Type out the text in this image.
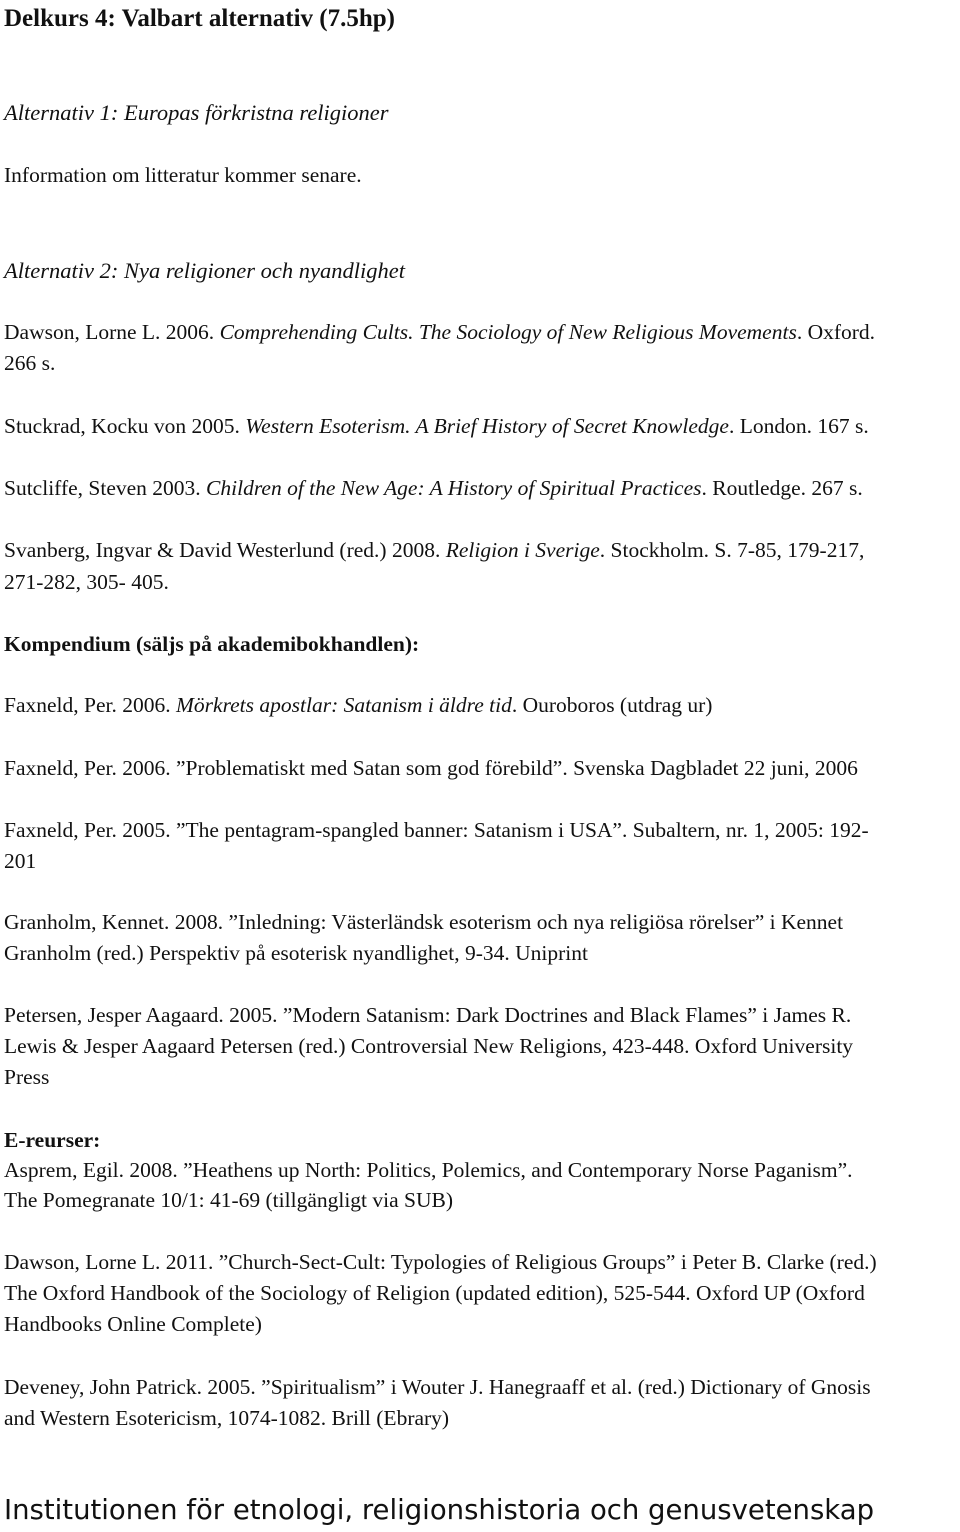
Delkurs 4: Valbart alternativ (7.5hp)
Alternativ 1: Europas förkristna religioner
Information om litteratur kommer senare.
Alternativ 2: Nya religioner och nyandlighet
Dawson, Lorne L. 2006. Comprehending Cults. The Sociology of New Religious Movements. Oxford.
266 s.
Stuckrad, Kocku von 2005. Western Esoterism. A Brief History of Secret Knowledge. London. 167 s.
Sutcliffe, Steven 2003. Children of the New Age: A History of Spiritual Practices. Routledge. 267 s.
Svanberg, Ingvar & David Westerlund (red.) 2008. Religion i Sverige. Stockholm. S. 7-85, 179-217,
271-282, 305- 405.
Kompendium (säljs på akademibokhandlen):
Faxneld, Per. 2006. Mörkrets apostlar: Satanism i äldre tid. Ouroboros (utdrag ur)
Faxneld, Per. 2006. ”Problematiskt med Satan som god förebild”. Svenska Dagbladet 22 juni, 2006
Faxneld, Per. 2005. ”The pentagram-spangled banner: Satanism i USA”. Subaltern, nr. 1, 2005: 192-
201
Granholm, Kennet. 2008. ”Inledning: Västerländsk esoterism och nya religiösa rörelser” i Kennet
Granholm (red.) Perspektiv på esoterisk nyandlighet, 9-34. Uniprint
Petersen, Jesper Aagaard. 2005. ”Modern Satanism: Dark Doctrines and Black Flames” i James R.
Lewis & Jesper Aagaard Petersen (red.) Controversial New Religions, 423-448. Oxford University
Press
E-reurser:
Asprem, Egil. 2008. ”Heathens up North: Politics, Polemics, and Contemporary Norse Paganism”.
The Pomegranate 10/1: 41-69 (tillgängligt via SUB)
Dawson, Lorne L. 2011. ”Church-Sect-Cult: Typologies of Religious Groups” i Peter B. Clarke (red.)
The Oxford Handbook of the Sociology of Religion (updated edition), 525-544. Oxford UP (Oxford
Handbooks Online Complete)
Deveney, John Patrick. 2005. ”Spiritualism” i Wouter J. Hanegraaff et al. (red.) Dictionary of Gnosis
and Western Esotericism, 1074-1082. Brill (Ebrary)
Institutionen för etnologi, religionshistoria och genusvetenskap
